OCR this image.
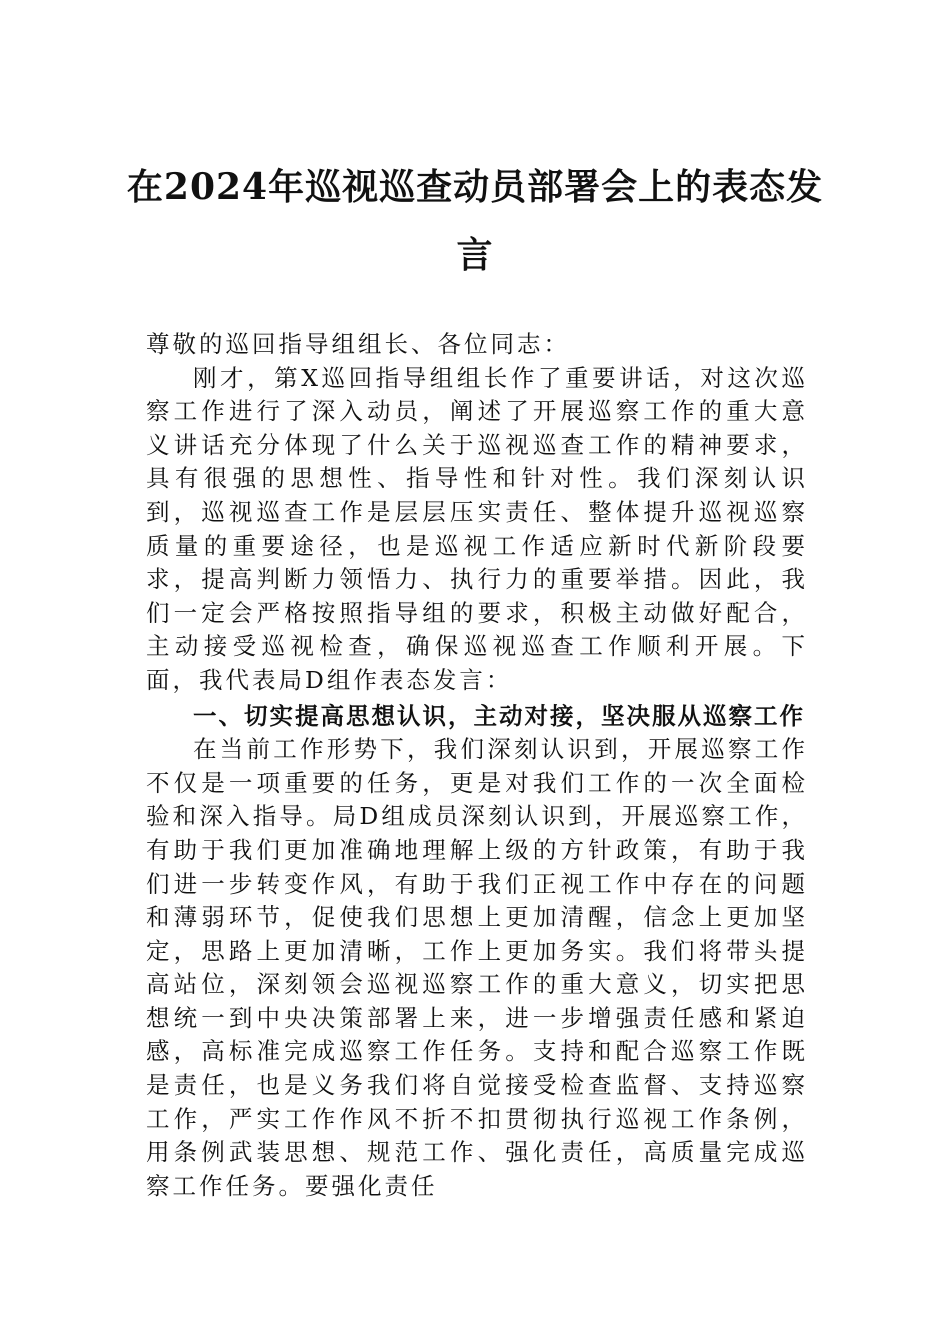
在2024年巡视巡查动员部署会上的表态发
言

尊敬的巡回指导组组长、各位同志：

刚才，第X巡回指导组组长作了重要讲话，对这次巡察工作进行了深入动员，阐述了开展巡察工作的重大意义讲话充分体现了什么关于巡视巡查工作的精神要求，具有很强的思想性、指导性和针对性。我们深刻认识到，巡视巡查工作是层层压实责任、整体提升巡视巡察质量的重要途径，也是巡视工作适应新时代新阶段要求，提高判断力领悟力、执行力的重要举措。因此，我们一定会严格按照指导组的要求，积极主动做好配合，主动接受巡视检查，确保巡视巡查工作顺利开展。下面，我代表局D组作表态发言：

一、切实提高思想认识，主动对接，坚决服从巡察工作

在当前工作形势下，我们深刻认识到，开展巡察工作不仅是一项重要的任务，更是对我们工作的一次全面检验和深入指导。局D组成员深刻认识到，开展巡察工作，有助于我们更加准确地理解上级的方针政策，有助于我们进一步转变作风，有助于我们正视工作中存在的问题和薄弱环节，促使我们思想上更加清醒，信念上更加坚定，思路上更加清晰，工作上更加务实。我们将带头提高站位，深刻领会巡视巡察工作的重大意义，切实把思想统一到中央决策部署上来，进一步增强责任感和紧迫感，高标准完成巡察工作任务。支持和配合巡察工作既是责任，也是义务我们将自觉接受检查监督、支持巡察工作，严实工作作风不折不扣贯彻执行巡视工作条例，用条例武装思想、规范工作、强化责任，高质量完成巡察工作任务。要强化责任
